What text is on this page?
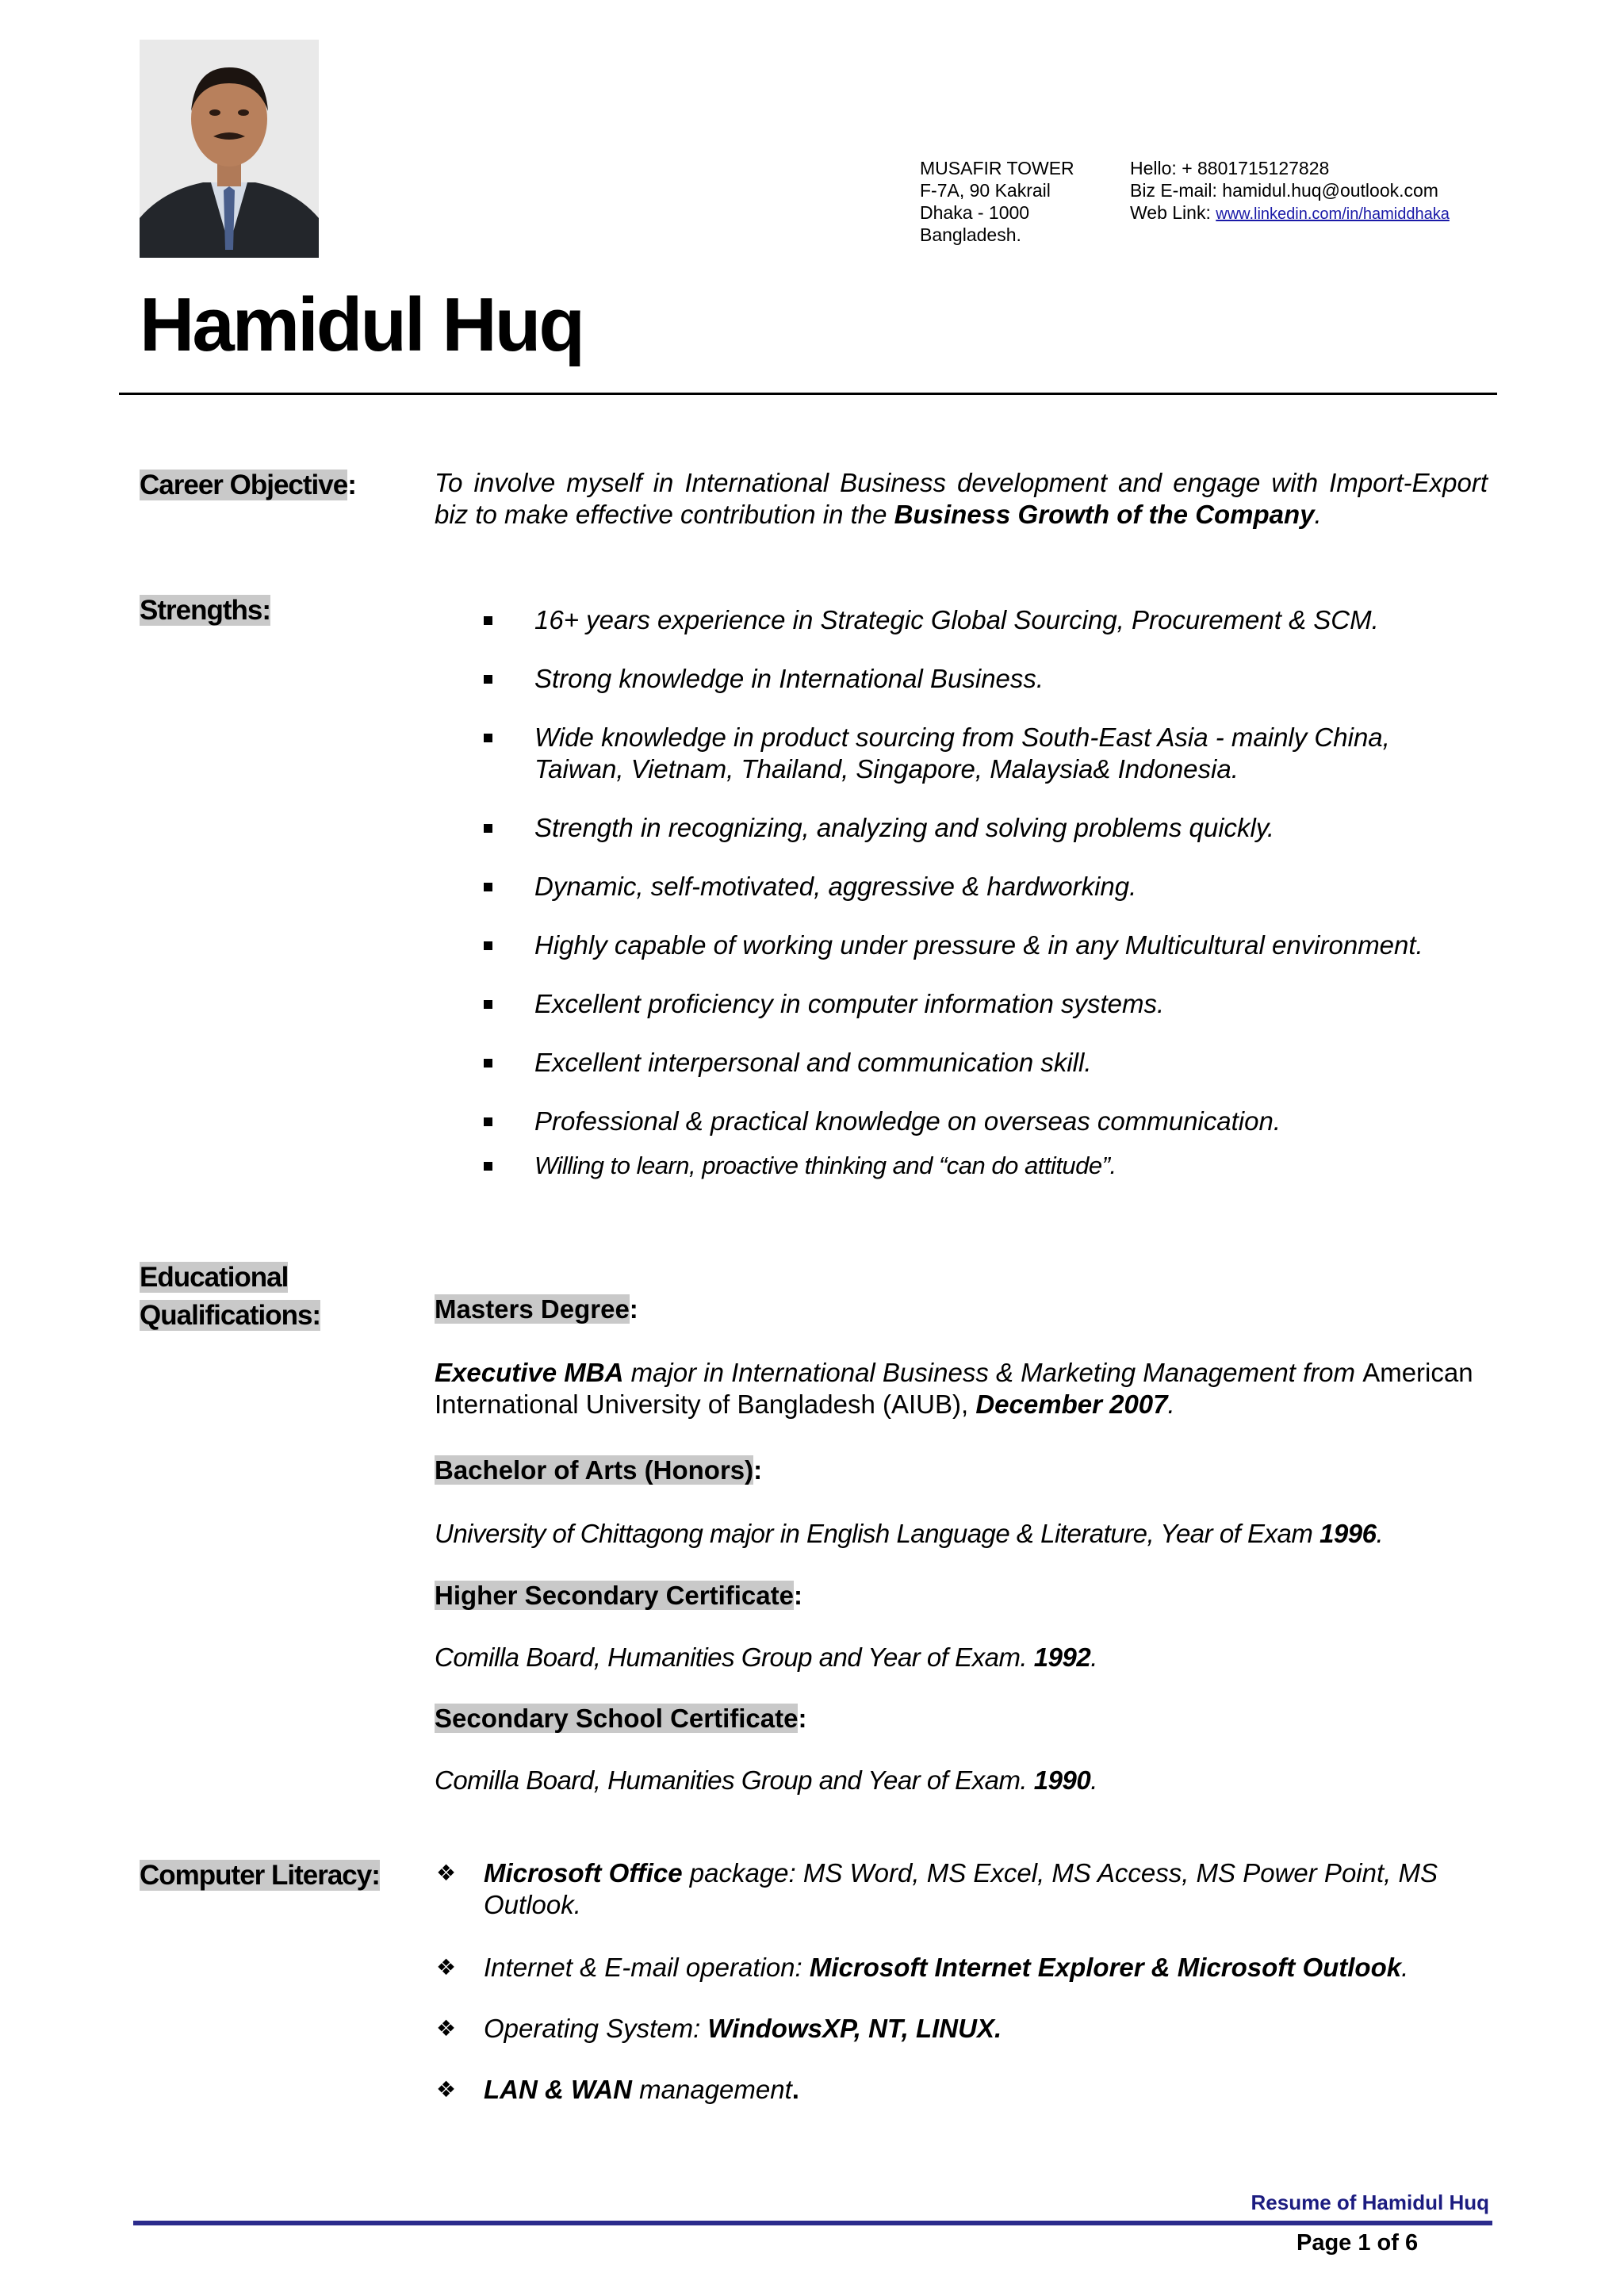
MUSAFIR TOWER
F-7A, 90 Kakrail
Dhaka - 1000
Bangladesh.
Hello: + 8801715127828
Biz E-mail: hamidul.huq@outlook.com
Web Link: www.linkedin.com/in/hamiddhaka
Hamidul Huq
Career Objective:	To involve myself in International Business development and engage with Import-Export biz to make effective contribution in the Business Growth of the Company.
Strengths:	16+ years experience in Strategic Global Sourcing, Procurement & SCM.
Strong knowledge in International Business.
Wide knowledge in product sourcing from South-East Asia - mainly China, Taiwan, Vietnam, Thailand, Singapore, Malaysia& Indonesia.
Strength in recognizing, analyzing and solving problems quickly.
Dynamic, self-motivated, aggressive & hardworking.
Highly capable of working under pressure & in any Multicultural environment.
Excellent proficiency in computer information systems.
Excellent interpersonal and communication skill.
Professional & practical knowledge on overseas communication.
Willing to learn, proactive thinking and “can do attitude”.
Educational
Qualifications:	Masters Degree:
Executive MBA major in International Business & Marketing Management from American International University of Bangladesh (AIUB), December 2007.
Bachelor of Arts (Honors):
University of Chittagong major in English Language & Literature, Year of Exam 1996.
Higher Secondary Certificate:
Comilla Board, Humanities Group and Year of Exam. 1992.
Secondary School Certificate:
Comilla Board, Humanities Group and Year of Exam. 1990.
Computer Literacy:	❖ Microsoft Office package: MS Word, MS Excel, MS Access, MS Power Point, MS Outlook.
❖ Internet & E-mail operation: Microsoft Internet Explorer & Microsoft Outlook.
❖ Operating System: WindowsXP, NT, LINUX.
❖ LAN & WAN management.
Resume of Hamidul Huq
Page 1 of 6
